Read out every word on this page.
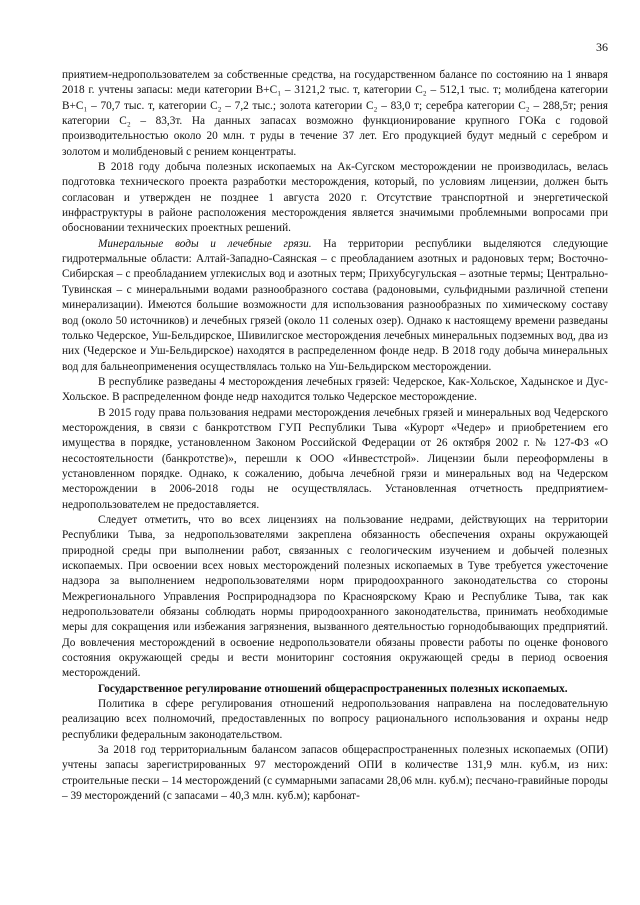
36

приятием-недропользователем за собственные средства, на государственном балансе по состоянию на 1 января 2018 г. учтены запасы: меди категории В+С₁ – 3121,2 тыс. т, категории С₂ – 512,1 тыс. т; молибдена категории В+С₁ – 70,7 тыс. т, категории С₂ – 7,2 тыс.; золота категории С₂ – 83,0 т; серебра категории С₂ – 288,5т; рения категории С₂ – 83,3т. На данных запасах возможно функционирование крупного ГОКа с годовой производительностью около 20 млн. т руды в течение 37 лет. Его продукцией будут медный с серебром и золотом и молибденовый с рением концентраты.

В 2018 году добыча полезных ископаемых на Ак-Сугском месторождении не производилась, велась подготовка технического проекта разработки месторождения, который, по условиям лицензии, должен быть согласован и утвержден не позднее 1 августа 2020 г. Отсутствие транспортной и энергетической инфраструктуры в районе расположения месторождения является значимыми проблемными вопросами при обосновании технических проектных решений.

Минеральные воды и лечебные грязи. На территории республики выделяются следующие гидротермальные области: Алтай-Западно-Саянская – с преобладанием азотных и радоновых терм; Восточно-Сибирская – с преобладанием углекислых вод и азотных терм; Прихубсугульская – азотные термы; Центрально-Тувинская – с минеральными водами разнообразного состава (радоновыми, сульфидными различной степени минерализации). Имеются большие возможности для использования разнообразных по химическому составу вод (около 50 источников) и лечебных грязей (около 11 соленых озер). Однако к настоящему времени разведаны только Чедерское, Уш-Бельдирское, Шивилигское месторождения лечебных минеральных подземных вод, два из них (Чедерское и Уш-Бельдирское) находятся в распределенном фонде недр. В 2018 году добыча минеральных вод для бальнеоприменения осуществлялась только на Уш-Бельдирском месторождении.

В республике разведаны 4 месторождения лечебных грязей: Чедерское, Как-Хольское, Хадынское и Дус-Хольское. В распределенном фонде недр находится только Чедерское месторождение.

В 2015 году права пользования недрами месторождения лечебных грязей и минеральных вод Чедерского месторождения, в связи с банкротством ГУП Республики Тыва «Курорт «Чедер» и приобретением его имущества в порядке, установленном Законом Российской Федерации от 26 октября 2002 г. № 127-ФЗ «О несостоятельности (банкротстве)», перешли к ООО «Инвестстрой». Лицензии были переоформлены в установленном порядке. Однако, к сожалению, добыча лечебной грязи и минеральных вод на Чедерском месторождении в 2006-2018 годы не осуществлялась. Установленная отчетность предприятием-недропользователем не предоставляется.

Следует отметить, что во всех лицензиях на пользование недрами, действующих на территории Республики Тыва, за недропользователями закреплена обязанность обеспечения охраны окружающей природной среды при выполнении работ, связанных с геологическим изучением и добычей полезных ископаемых. При освоении всех новых месторождений полезных ископаемых в Туве требуется ужесточение надзора за выполнением недропользователями норм природоохранного законодательства со стороны Межрегионального Управления Росприроднадзора по Красноярскому Краю и Республике Тыва, так как недропользователи обязаны соблюдать нормы природоохранного законодательства, принимать необходимые меры для сокращения или избежания загрязнения, вызванного деятельностью горнодобывающих предприятий. До вовлечения месторождений в освоение недропользователи обязаны провести работы по оценке фонового состояния окружающей среды и вести мониторинг состояния окружающей среды в период освоения месторождений.

Государственное регулирование отношений общераспространенных полезных ископаемых.

Политика в сфере регулирования отношений недропользования направлена на последовательную реализацию всех полномочий, предоставленных по вопросу рационального использования и охраны недр республики федеральным законодательством.

За 2018 год территориальным балансом запасов общераспространенных полезных ископаемых (ОПИ) учтены запасы зарегистрированных 97 месторождений ОПИ в количестве 131,9 млн. куб.м, из них: строительные пески – 14 месторождений (с суммарными запасами 28,06 млн. куб.м); песчано-гравийные породы – 39 месторождений (с запасами – 40,3 млн. куб.м); карбонат-
